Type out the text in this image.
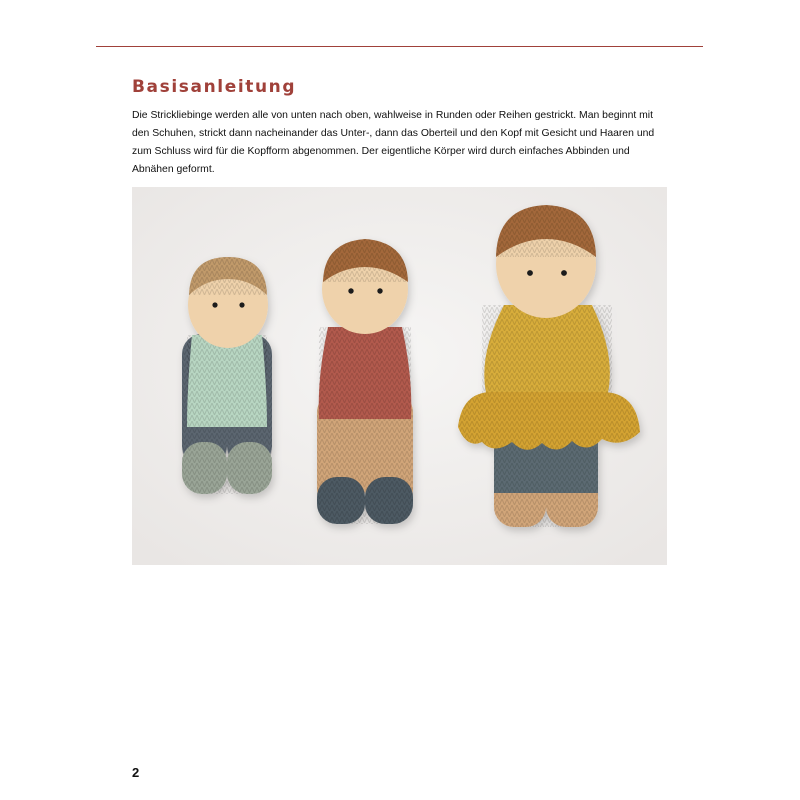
Basisanleitung

Die Strickliebinge werden alle von unten nach oben, wahlweise in Runden oder Reihen gestrickt. Man beginnt mit den Schuhen, strickt dann nacheinander das Unter-, dann das Oberteil und den Kopf mit Gesicht und Haaren und zum Schluss wird für die Kopfform abgenommen. Der eigentliche Körper wird durch einfaches Abbinden und Abnähen geformt.

2
